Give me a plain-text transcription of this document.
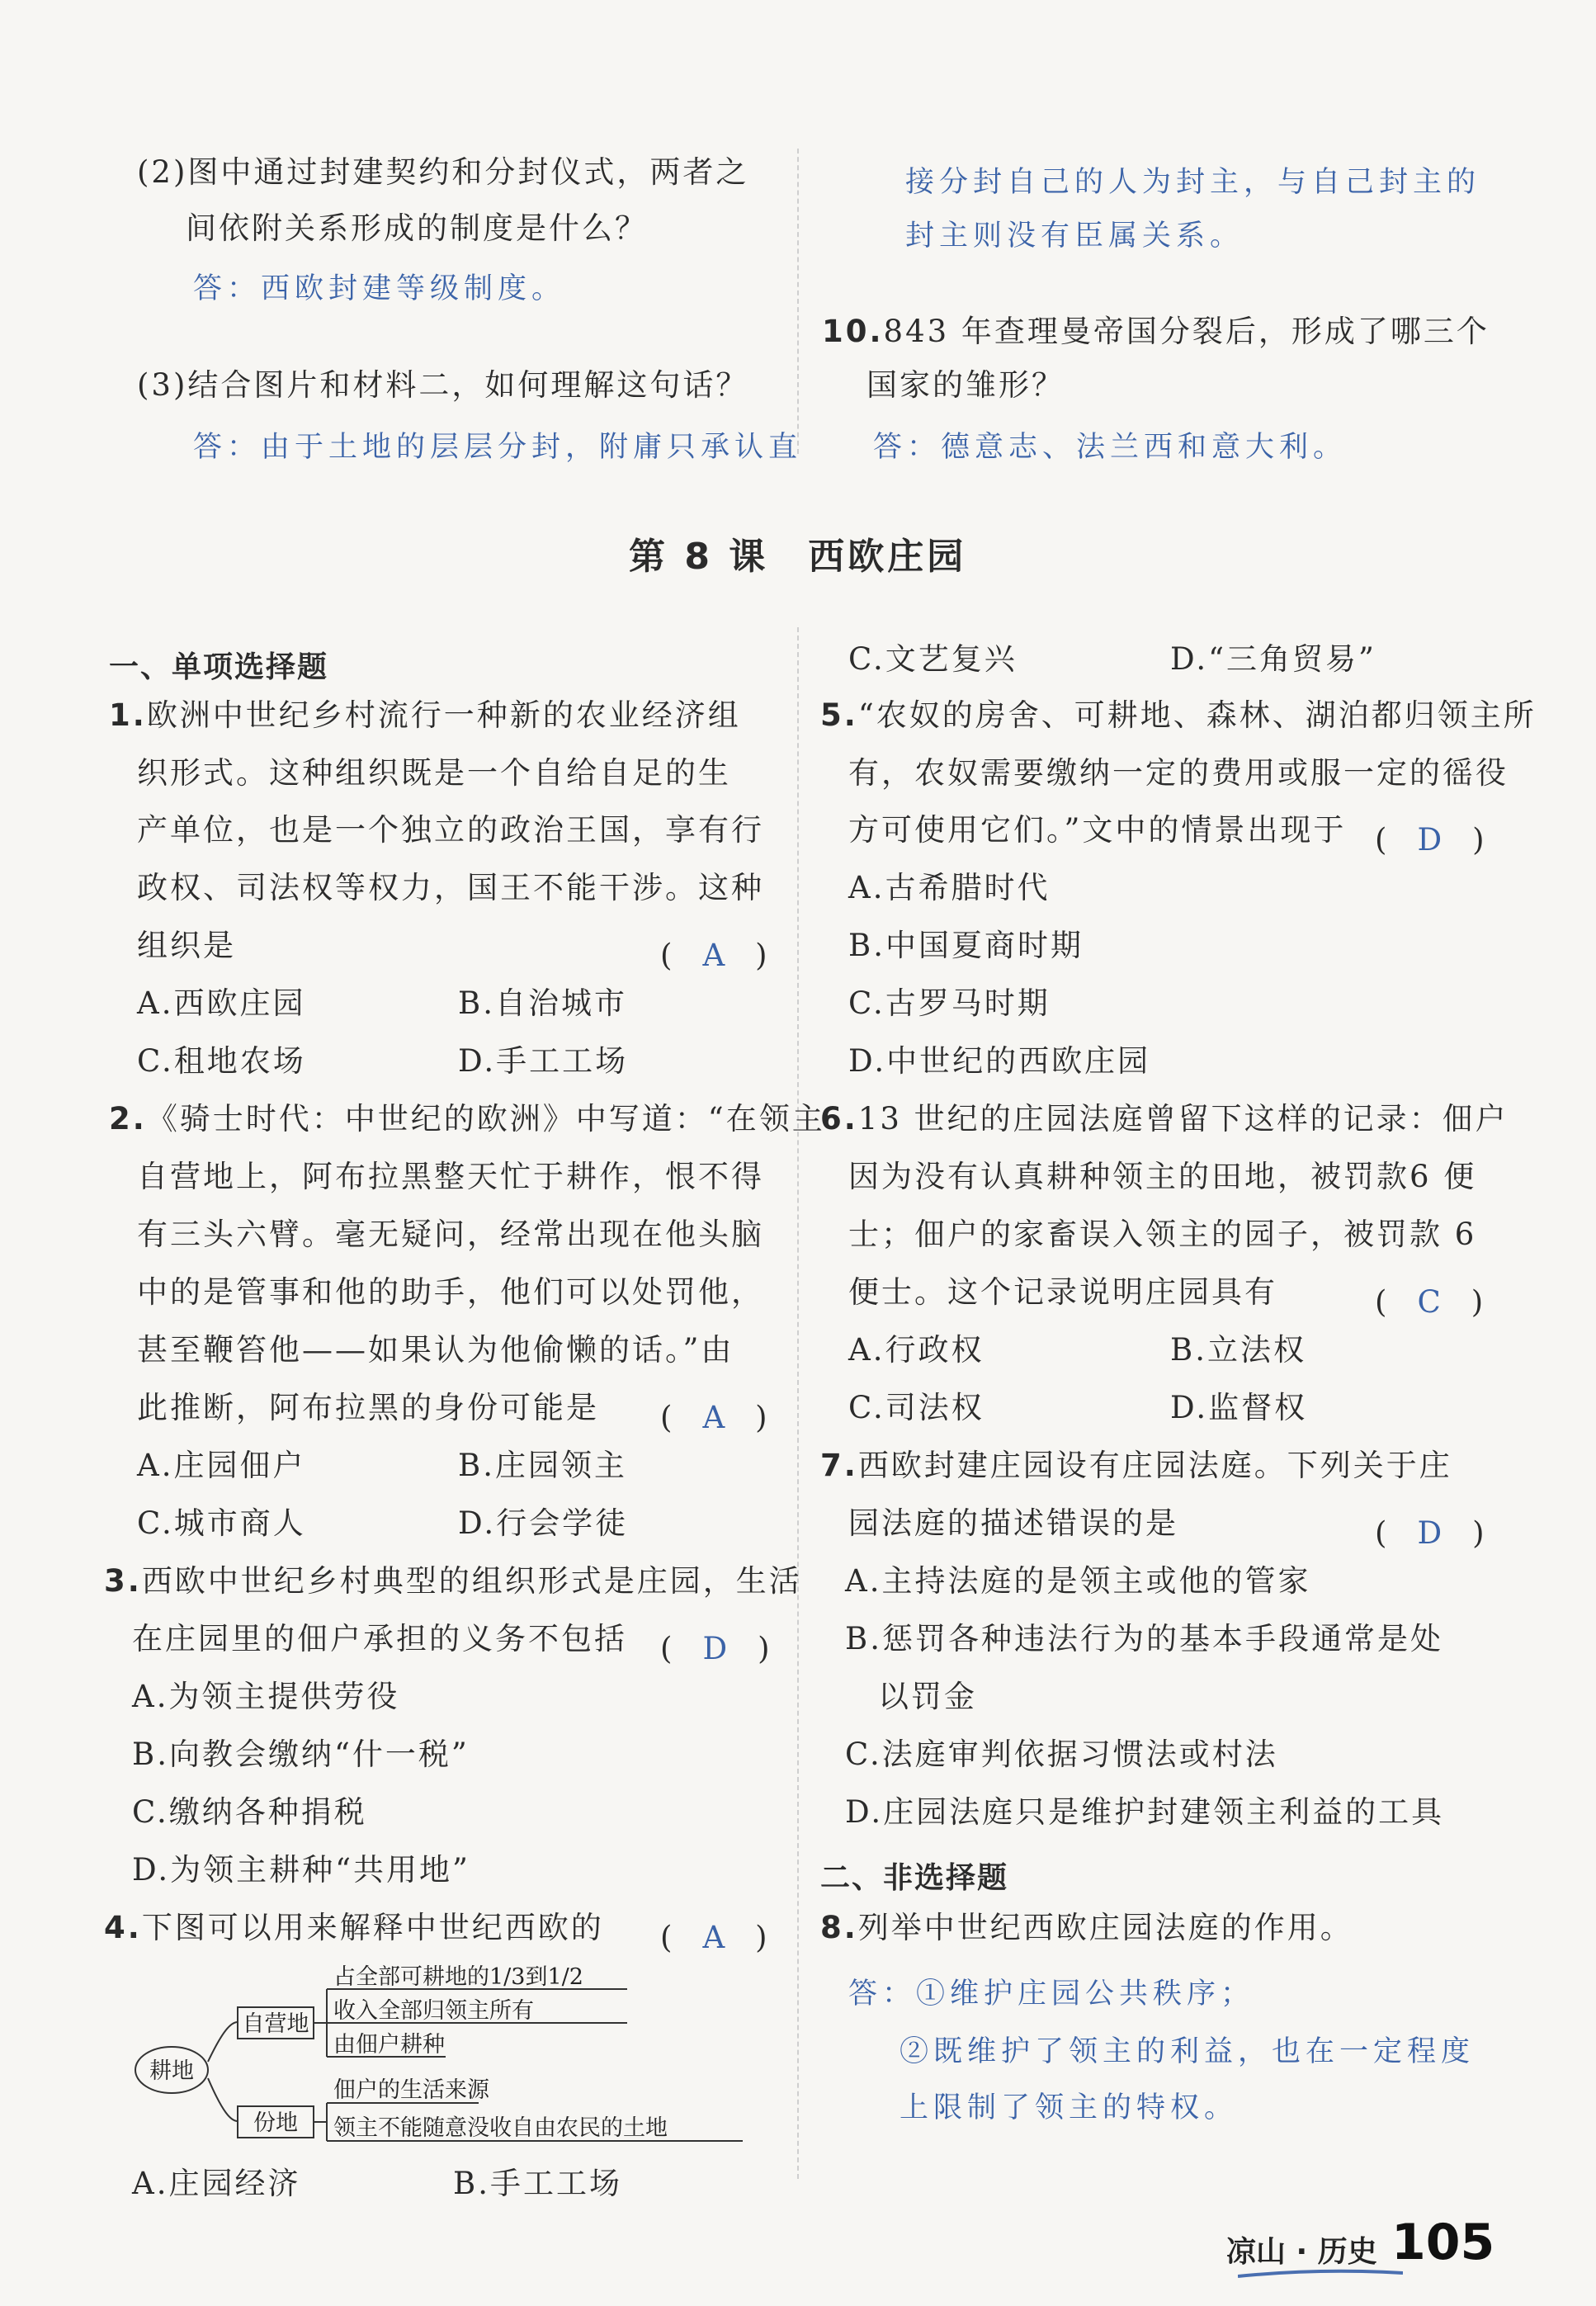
(2)图中通过封建契约和分封仪式，两者之
间依附关系形成的制度是什么？
答：西欧封建等级制度。
(3)结合图片和材料二，如何理解这句话？
答：由于土地的层层分封，附庸只承认直
接分封自己的人为封主，与自己封主的
封主则没有臣属关系。
10.843 年查理曼帝国分裂后，形成了哪三个
国家的雏形？
答：德意志、法兰西和意大利。
第 8 课　西欧庄园
一、单项选择题
1.欧洲中世纪乡村流行一种新的农业经济组
织形式。这种组织既是一个自给自足的生
产单位，也是一个独立的政治王国，享有行
政权、司法权等权力，国王不能干涉。这种
组织是	(　A　)
A.西欧庄园	B.自治城市
C.租地农场	D.手工工场
2.《骑士时代：中世纪的欧洲》中写道：“在领主
自营地上，阿布拉黑整天忙于耕作，恨不得
有三头六臂。毫无疑问，经常出现在他头脑
中的是管事和他的助手，他们可以处罚他，
甚至鞭笞他——如果认为他偷懒的话。”由
此推断，阿布拉黑的身份可能是 (　A　)
A.庄园佃户	B.庄园领主
C.城市商人	D.行会学徒
3.西欧中世纪乡村典型的组织形式是庄园，生活
在庄园里的佃户承担的义务不包括 (　D　)
A.为领主提供劳役
B.向教会缴纳“什一税”
C.缴纳各种捐税
D.为领主耕种“共用地”
4.下图可以用来解释中世纪西欧的 (　A　)
耕地
自营地
份地
占全部可耕地的1/3到1/2
收入全部归领主所有
由佃户耕种
佃户的生活来源
领主不能随意没收自由农民的土地
A.庄园经济	B.手工工场
C.文艺复兴	D.“三角贸易”
5.“农奴的房舍、可耕地、森林、湖泊都归领主所
有，农奴需要缴纳一定的费用或服一定的徭役
方可使用它们。”文中的情景出现于 (　D　)
A.古希腊时代
B.中国夏商时期
C.古罗马时期
D.中世纪的西欧庄园
6.13 世纪的庄园法庭曾留下这样的记录：佃户
因为没有认真耕种领主的田地，被罚款6 便
士；佃户的家畜误入领主的园子，被罚款 6
便士。这个记录说明庄园具有	(　C　)
A.行政权	B.立法权
C.司法权	D.监督权
7.西欧封建庄园设有庄园法庭。下列关于庄
园法庭的描述错误的是	(　D　)
A.主持法庭的是领主或他的管家
B.惩罚各种违法行为的基本手段通常是处
以罚金
C.法庭审判依据习惯法或村法
D.庄园法庭只是维护封建领主利益的工具
二、非选择题
8.列举中世纪西欧庄园法庭的作用。
答：①维护庄园公共秩序；
②既维护了领主的利益，也在一定程度
上限制了领主的特权。
凉山 · 历史 105
